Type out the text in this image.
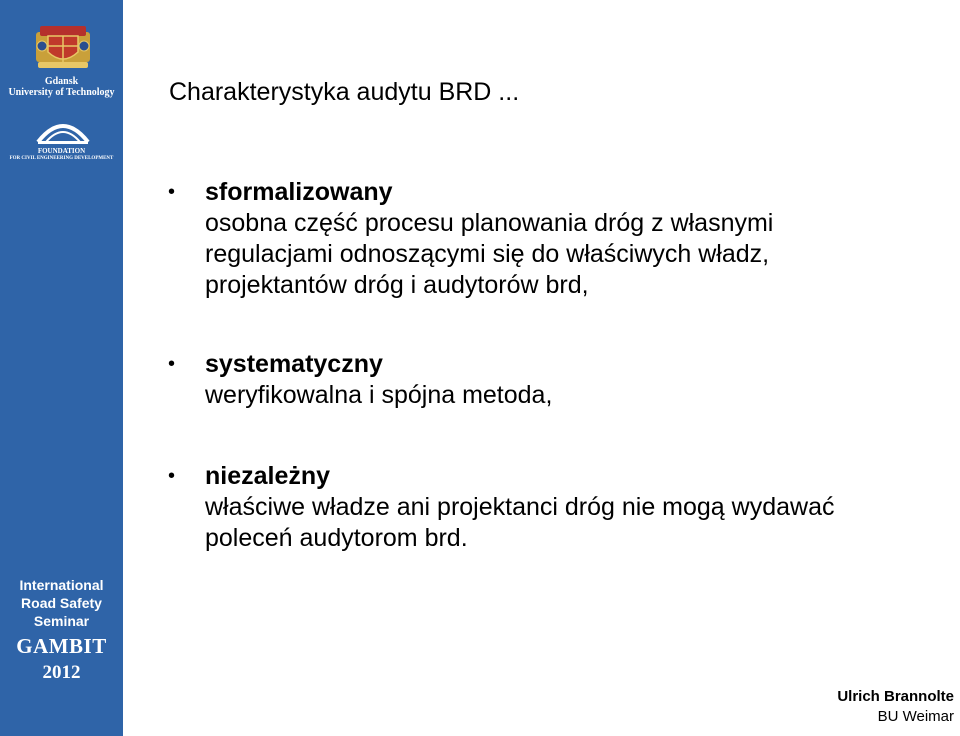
Gdansk
University of Technology
FOUNDATION
FOR CIVIL ENGINEERING DEVELOPMENT
International
Road Safety
Seminar
GAMBIT
2012
Charakterystyka audytu BRD ...
• sformalizowany
osobna część procesu planowania dróg z własnymi
regulacjami odnoszącymi się do właściwych władz,
projektantów dróg i audytorów brd,
• systematyczny
weryfikowalna i spójna metoda,
• niezależny
właściwe władze ani projektanci dróg nie mogą wydawać
poleceń audytorom brd.
Ulrich Brannolte
BU Weimar
